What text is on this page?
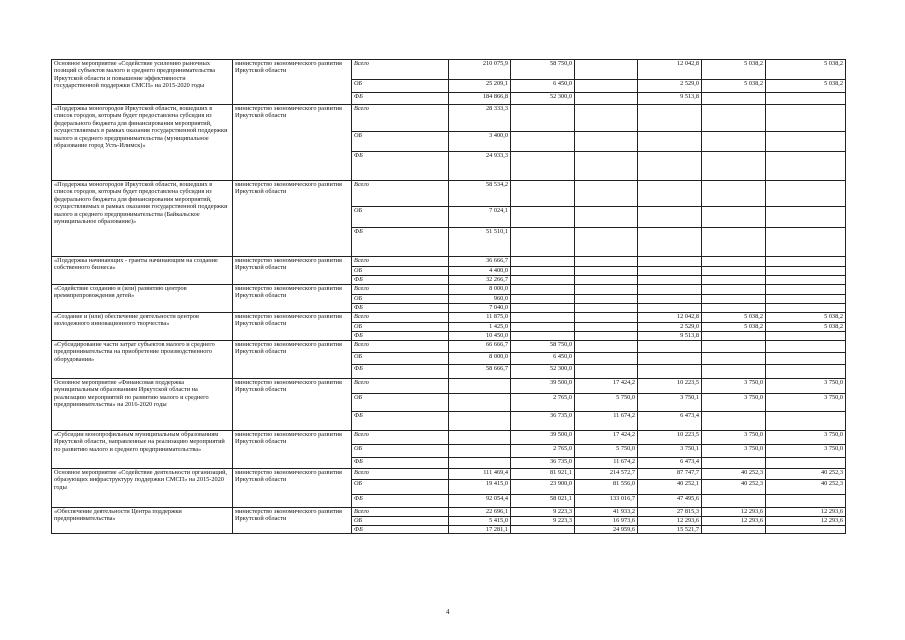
Основное мероприятие «Содействие усилению рыночных позиций субъектов малого и среднего предпринимательства Иркутской области и повышение эффективности государственной поддержки СМСП» на 2015-2020 годы	министерство экономического развития Иркутской области	Всего	210 075,9	58 750,0		12 042,8	5 038,2	5 038,2
		ОБ	25 209,1	6 450,0		2 529,0	5 038,2	5 038,2
		ФБ	184 866,8	52 300,0		9 513,8		
«Поддержка моногородов Иркутской области, вошедших в список городов, которым будет предоставлена субсидия из федерального бюджета для финансирования мероприятий, осуществляемых в рамках оказания государственной поддержки малого и среднего предпринимательства (муниципальное образование город Усть-Илимск)»	министерство экономического развития Иркутской области	Всего	28 333,3					
		ОБ	3 400,0					
		ФБ	24 933,3					
«Поддержка моногородов Иркутской области, вошедших в список городов, которым будет предоставлена субсидия из федерального бюджета для финансирования мероприятий, осуществляемых в рамках оказания государственной поддержки малого и среднего предпринимательства (Байкальское муниципальное образование)»	министерство экономического развития Иркутской области	Всего	58 534,2					
		ОБ	7 024,1					
		ФБ	51 510,1					
«Поддержка начинающих - гранты начинающим на создание собственного бизнеса»	министерство экономического развития Иркутской области	Всего	36 666,7					
		ОБ	4 400,0					
		ФБ	32 266,7					
«Содействие созданию и (или) развитию центров времяпрепровождения детей»	министерство экономического развития Иркутской области	Всего	8 000,0					
		ОБ	960,0					
		ФБ	7 040,0					
«Создание и (или) обеспечение деятельности центров молодежного инновационного творчества»	министерство экономического развития Иркутской области	Всего	11 875,0			12 042,8	5 038,2	5 038,2
		ОБ	1 425,0			2 529,0	5 038,2	5 038,2
		ФБ	10 450,0			9 513,8		
«Субсидирование части затрат субъектов малого и среднего предпринимательства на приобретение производственного оборудования»	министерство экономического развития Иркутской области	Всего	66 666,7	58 750,0				
		ОБ	8 000,0	6 450,0				
		ФБ	58 666,7	52 300,0				
Основное мероприятие «Финансовая поддержка муниципальным образованиям Иркутской области на реализацию мероприятий по развитию малого и среднего предпринимательства» на 2016-2020 годы	министерство экономического развития Иркутской области	Всего		39 500,0	17 424,2	10 223,5	3 750,0	3 750,0
		ОБ		2 765,0	5 750,0	3 750,1	3 750,0	3 750,0
		ФБ		36 735,0	11 674,2	6 473,4		
«Субсидии монопрофильным муниципальным образованиям Иркутской области, направленные на реализацию мероприятий по развитию малого и среднего предпринимательства»	министерство экономического развития Иркутской области	Всего		39 500,0	17 424,2	10 223,5	3 750,0	3 750,0
		ОБ		2 765,0	5 750,0	3 750,1	3 750,0	3 750,0
		ФБ		36 735,0	11 674,2	6 473,4		
Основное мероприятие «Содействие деятельности организаций, образующих инфраструктуру поддержки СМСП» на 2015-2020 годы	министерство экономического развития Иркутской области	Всего	111 469,4	81 921,1	214 572,7	87 747,7	40 252,3	40 252,3
		ОБ	19 415,0	23 900,0	81 556,0	40 252,1	40 252,3	40 252,3
		ФБ	92 054,4	58 021,1	133 016,7	47 495,6		
«Обеспечение деятельности Центра поддержки предпринимательства»	министерство экономического развития Иркутской области	Всего	22 696,1	9 223,3	41 933,2	27 815,3	12 293,6	12 293,6
		ОБ	5 415,0	9 223,3	16 973,6	12 293,6	12 293,6	12 293,6
		ФБ	17 281,1		24 959,6	15 521,7		
4
